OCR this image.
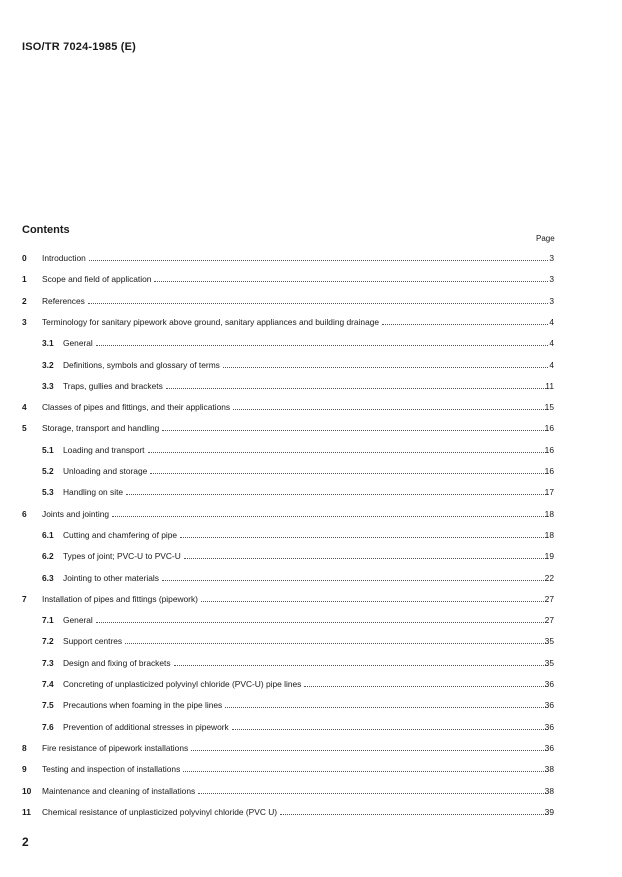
ISO/TR 7024-1985 (E)
Contents
Page
0	Introduction	3
1	Scope and field of application	3
2	References	3
3	Terminology for sanitary pipework above ground, sanitary appliances and building drainage	4
3.1	General	4
3.2	Definitions, symbols and glossary of terms	4
3.3	Traps, gullies and brackets	11
4	Classes of pipes and fittings, and their applications	15
5	Storage, transport and handling	16
5.1	Loading and transport	16
5.2	Unloading and storage	16
5.3	Handling on site	17
6	Joints and jointing	18
6.1	Cutting and chamfering of pipe	18
6.2	Types of joint; PVC-U to PVC-U	19
6.3	Jointing to other materials	22
7	Installation of pipes and fittings (pipework)	27
7.1	General	27
7.2	Support centres	35
7.3	Design and fixing of brackets	35
7.4	Concreting of unplasticized polyvinyl chloride (PVC-U) pipe lines	36
7.5	Precautions when foaming in the pipe lines	36
7.6	Prevention of additional stresses in pipework	36
8	Fire resistance of pipework installations	36
9	Testing and inspection of installations	38
10	Maintenance and cleaning of installations	38
11	Chemical resistance of unplasticized polyvinyl chloride (PVC U)	39
2
